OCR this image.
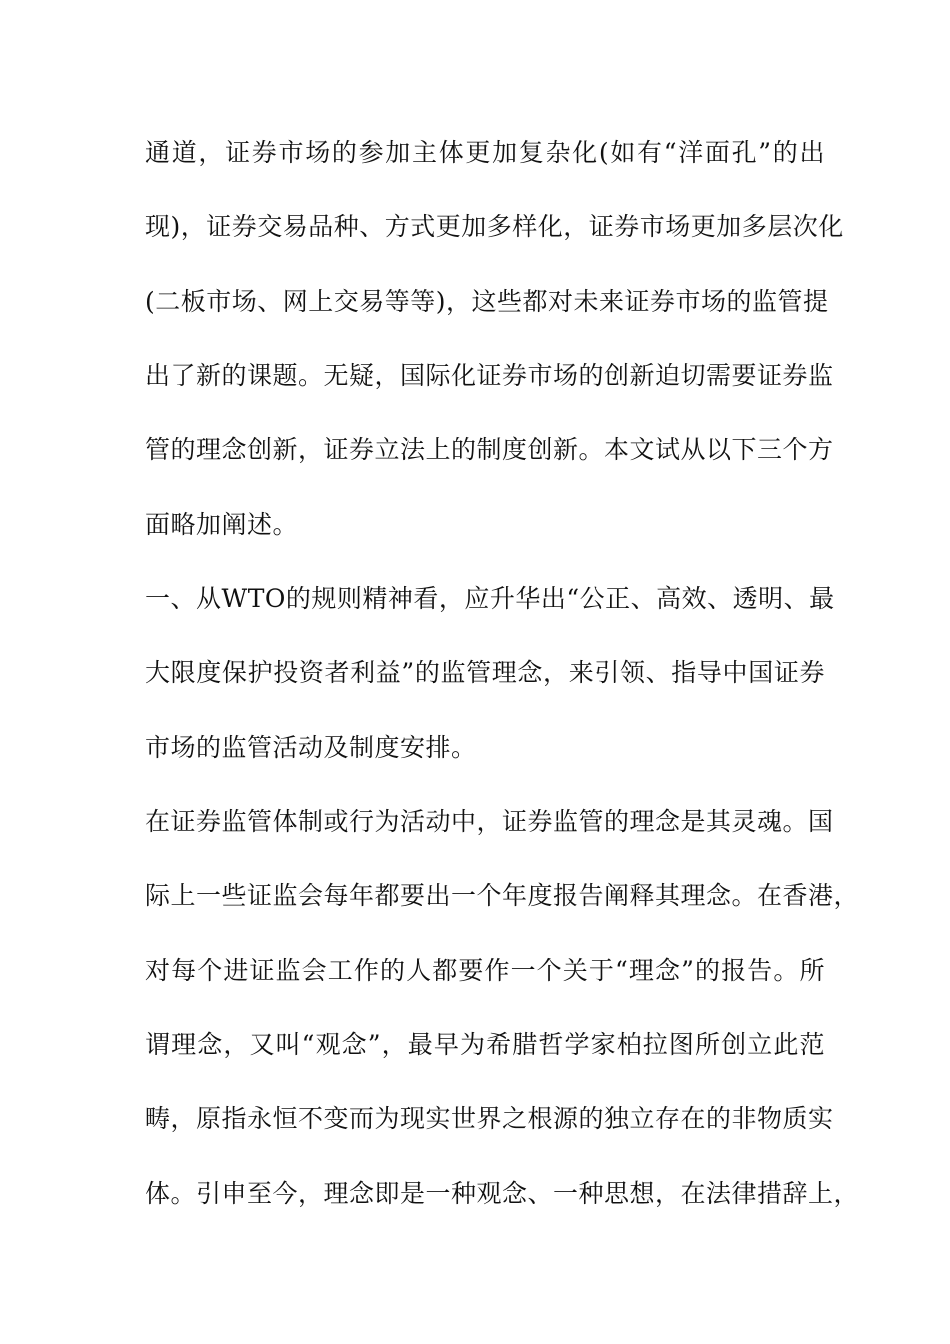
通道，证券市场的参加主体更加复杂化(如有“洋面孔”的出
现)，证券交易品种、方式更加多样化，证券市场更加多层次化
(二板市场、网上交易等等)，这些都对未来证券市场的监管提
出了新的课题。无疑，国际化证券市场的创新迫切需要证券监
管的理念创新，证券立法上的制度创新。本文试从以下三个方
面略加阐述。
一、从WTO的规则精神看，应升华出“公正、高效、透明、最
大限度保护投资者利益”的监管理念，来引领、指导中国证券
市场的监管活动及制度安排。
在证券监管体制或行为活动中，证券监管的理念是其灵魂。国
际上一些证监会每年都要出一个年度报告阐释其理念。在香港，
对每个进证监会工作的人都要作一个关于“理念”的报告。所
谓理念，又叫“观念”，最早为希腊哲学家柏拉图所创立此范
畴，原指永恒不变而为现实世界之根源的独立存在的非物质实
体。引申至今，理念即是一种观念、一种思想，在法律措辞上，
